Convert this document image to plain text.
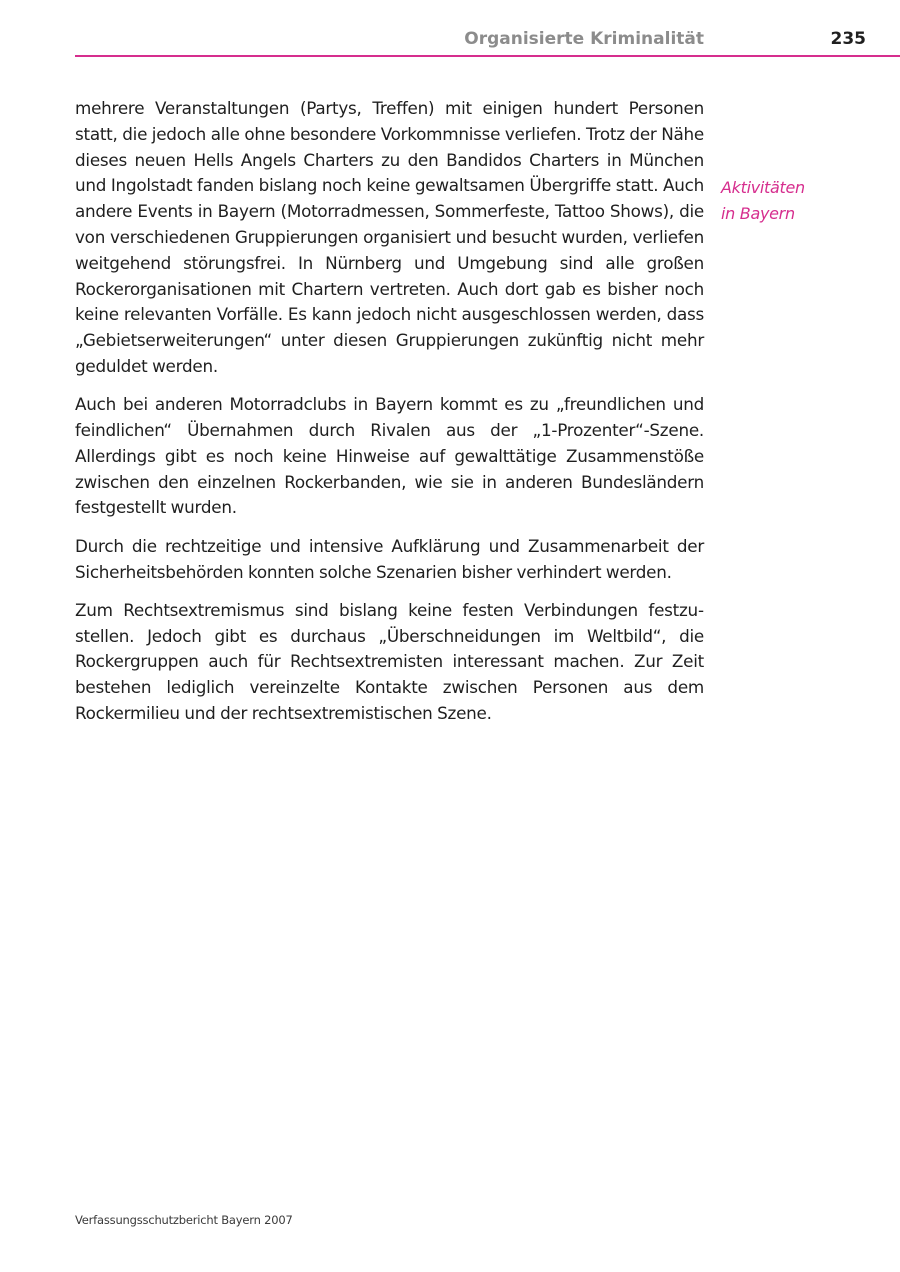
Organisierte Kriminalität	235

mehrere Veranstaltungen (Partys, Treffen) mit einigen hundert Personen statt, die jedoch alle ohne besondere Vorkommnisse verliefen. Trotz der Nähe dieses neuen Hells Angels Charters zu den Bandidos Charters in München und Ingolstadt fanden bislang noch keine gewaltsamen Übergriffe statt. Auch andere Events in Bayern (Motorradmessen, Sommerfeste, Tattoo Shows), die von verschiedenen Gruppierungen organisiert und besucht wurden, verliefen weitgehend störungsfrei. In Nürnberg und Umgebung sind alle großen Rockerorganisationen mit Chartern vertreten. Auch dort gab es bisher noch keine relevanten Vorfälle. Es kann jedoch nicht ausgeschlossen werden, dass „Gebietserweiterungen“ unter diesen Gruppierungen zukünftig nicht mehr geduldet werden.

Auch bei anderen Motorradclubs in Bayern kommt es zu „freundlichen und feindlichen“ Übernahmen durch Rivalen aus der „1-Prozenter“-Szene. Allerdings gibt es noch keine Hinweise auf gewalttätige Zusammenstöße zwischen den einzelnen Rockerbanden, wie sie in anderen Bundesländern festgestellt wurden.

Durch die rechtzeitige und intensive Aufklärung und Zusammenarbeit der Sicherheitsbehörden konnten solche Szenarien bisher verhindert werden.

Zum Rechtsextremismus sind bislang keine festen Verbindungen festzustellen. Jedoch gibt es durchaus „Überschneidungen im Weltbild“, die Rockergruppen auch für Rechtsextremisten interessant machen. Zur Zeit bestehen lediglich vereinzelte Kontakte zwischen Personen aus dem Rockermilieu und der rechtsextremistischen Szene.

Aktivitäten
in Bayern
Verfassungsschutzbericht Bayern 2007
